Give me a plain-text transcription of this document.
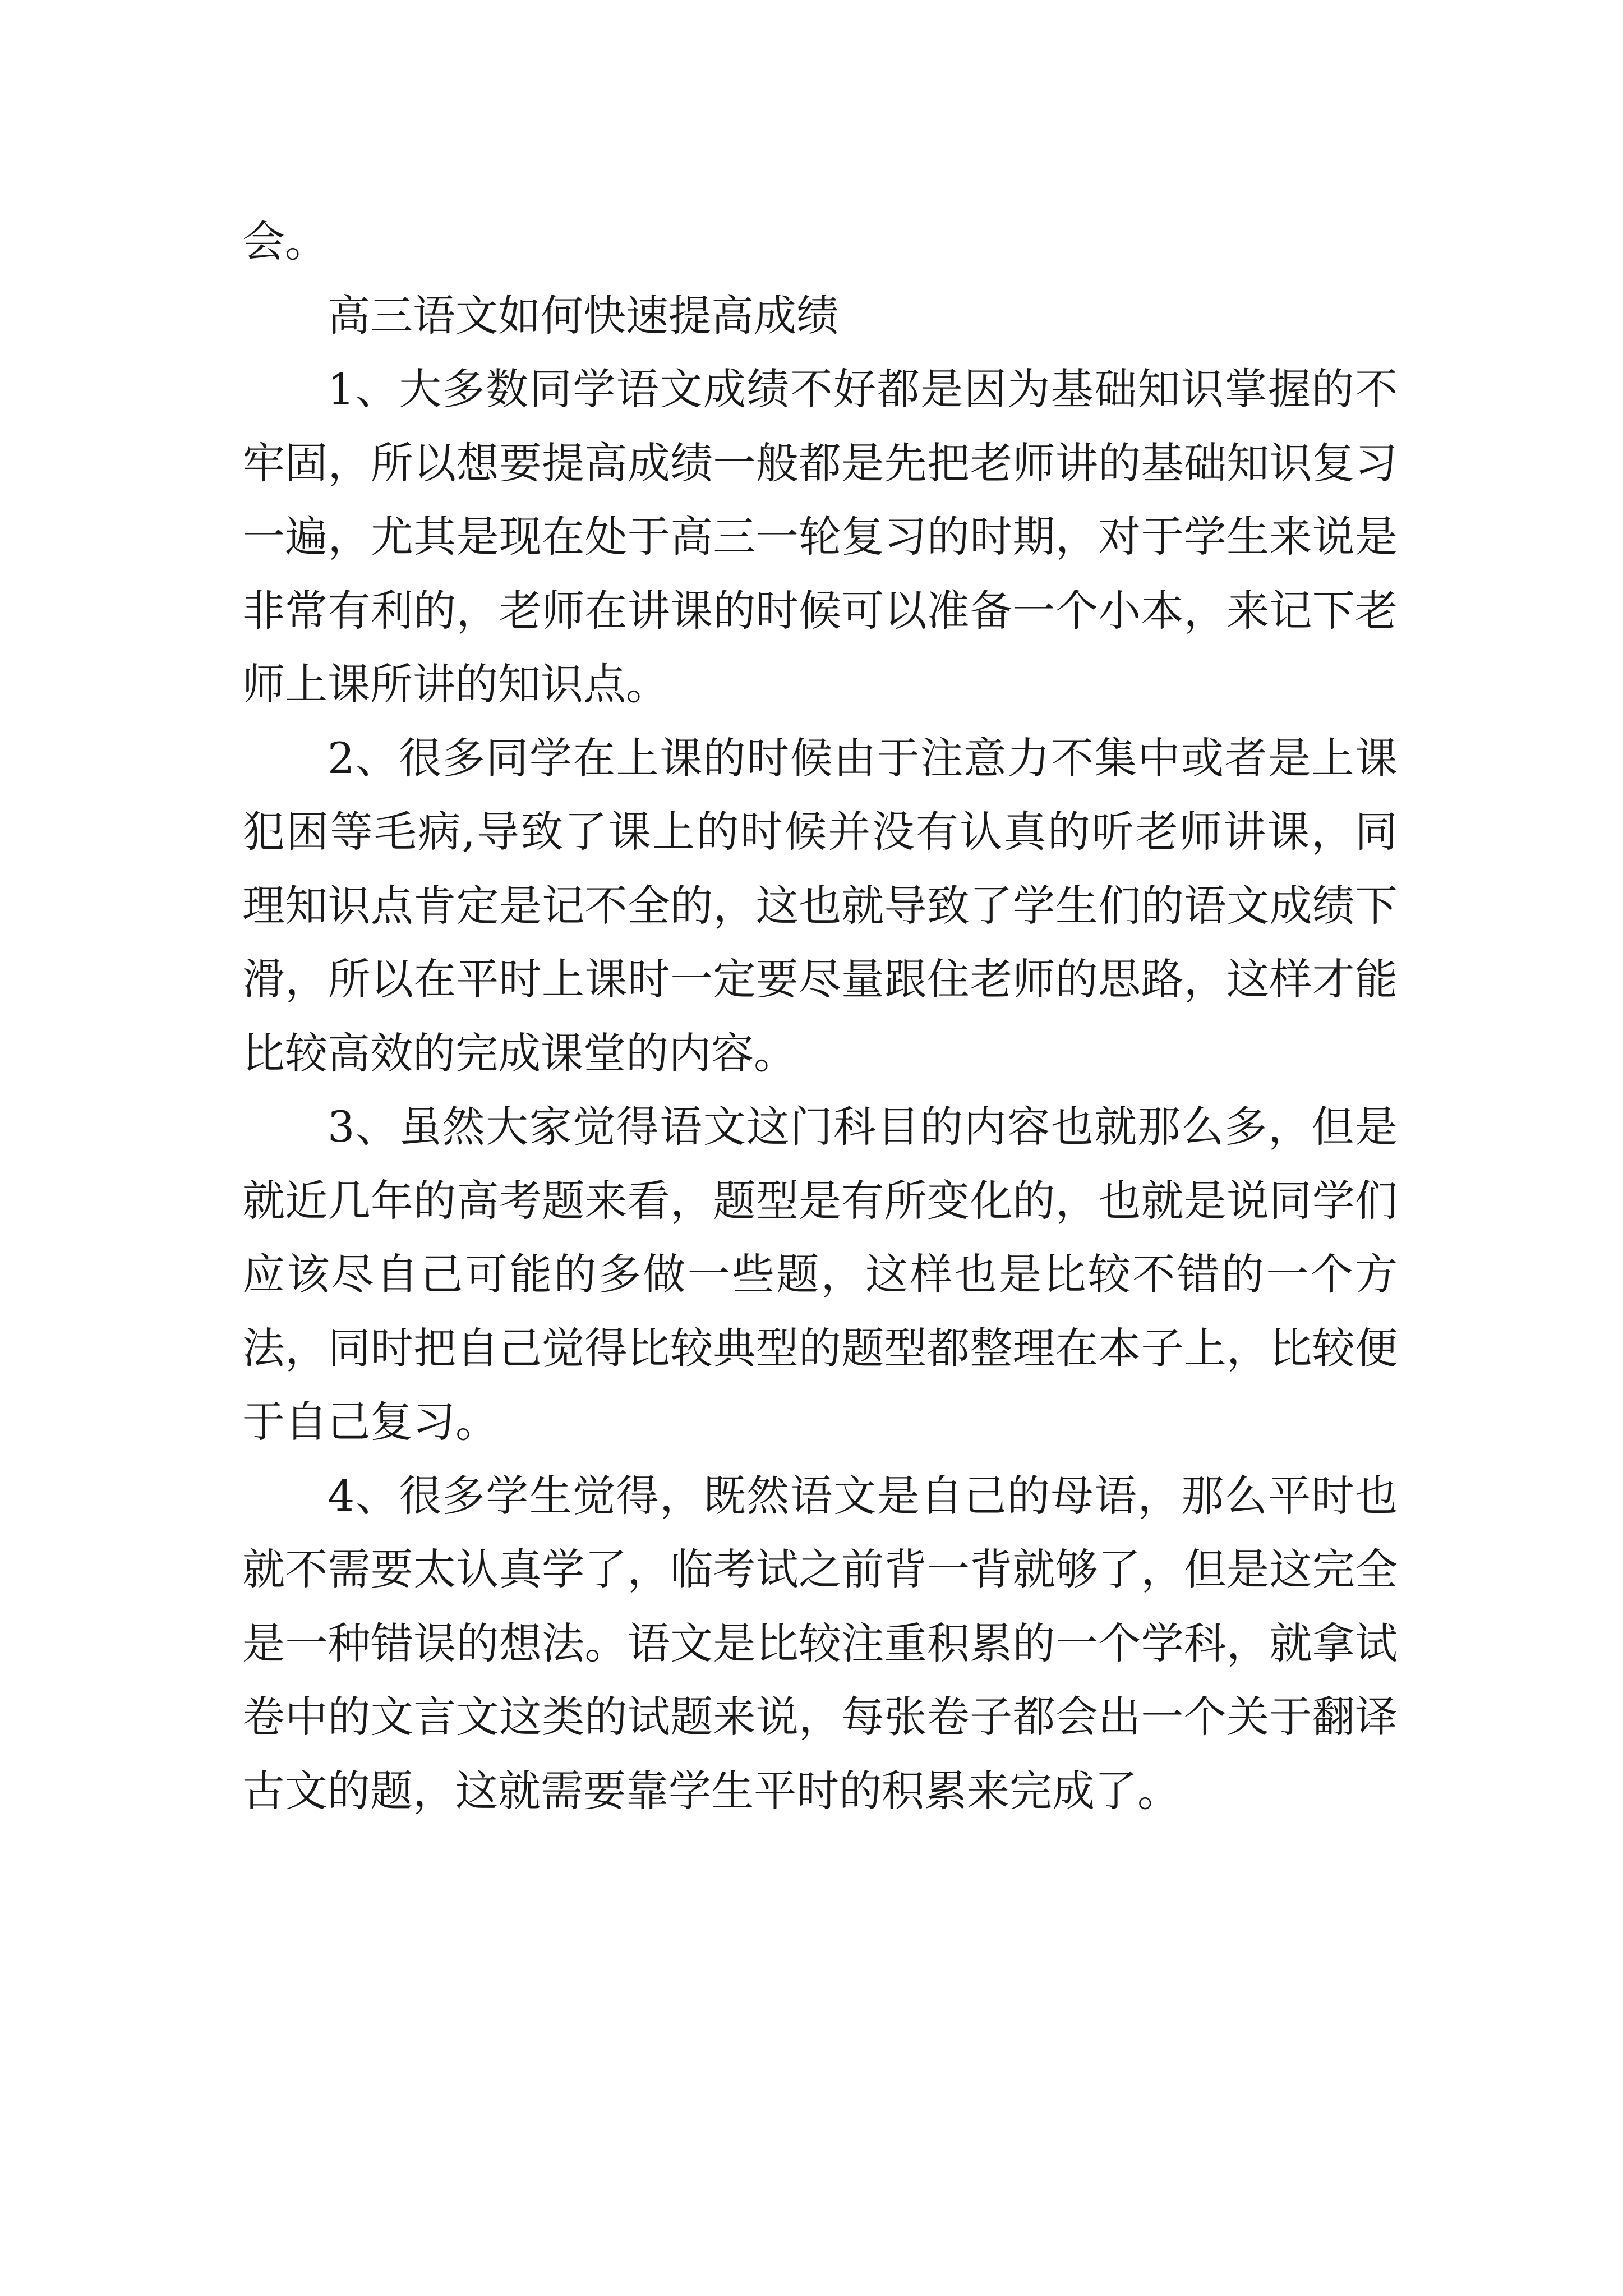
会。

高三语文如何快速提高成绩

1、大多数同学语文成绩不好都是因为基础知识掌握的不牢固，所以想要提高成绩一般都是先把老师讲的基础知识复习一遍，尤其是现在处于高三一轮复习的时期，对于学生来说是非常有利的，老师在讲课的时候可以准备一个小本，来记下老师上课所讲的知识点。

2、很多同学在上课的时候由于注意力不集中或者是上课犯困等毛病,导致了课上的时候并没有认真的听老师讲课，同理知识点肯定是记不全的，这也就导致了学生们的语文成绩下滑，所以在平时上课时一定要尽量跟住老师的思路，这样才能比较高效的完成课堂的内容。

3、虽然大家觉得语文这门科目的内容也就那么多，但是就近几年的高考题来看，题型是有所变化的，也就是说同学们应该尽自己可能的多做一些题，这样也是比较不错的一个方法，同时把自己觉得比较典型的题型都整理在本子上，比较便于自己复习。

4、很多学生觉得，既然语文是自己的母语，那么平时也就不需要太认真学了，临考试之前背一背就够了，但是这完全是一种错误的想法。语文是比较注重积累的一个学科，就拿试卷中的文言文这类的试题来说，每张卷子都会出一个关于翻译古文的题，这就需要靠学生平时的积累来完成了。
